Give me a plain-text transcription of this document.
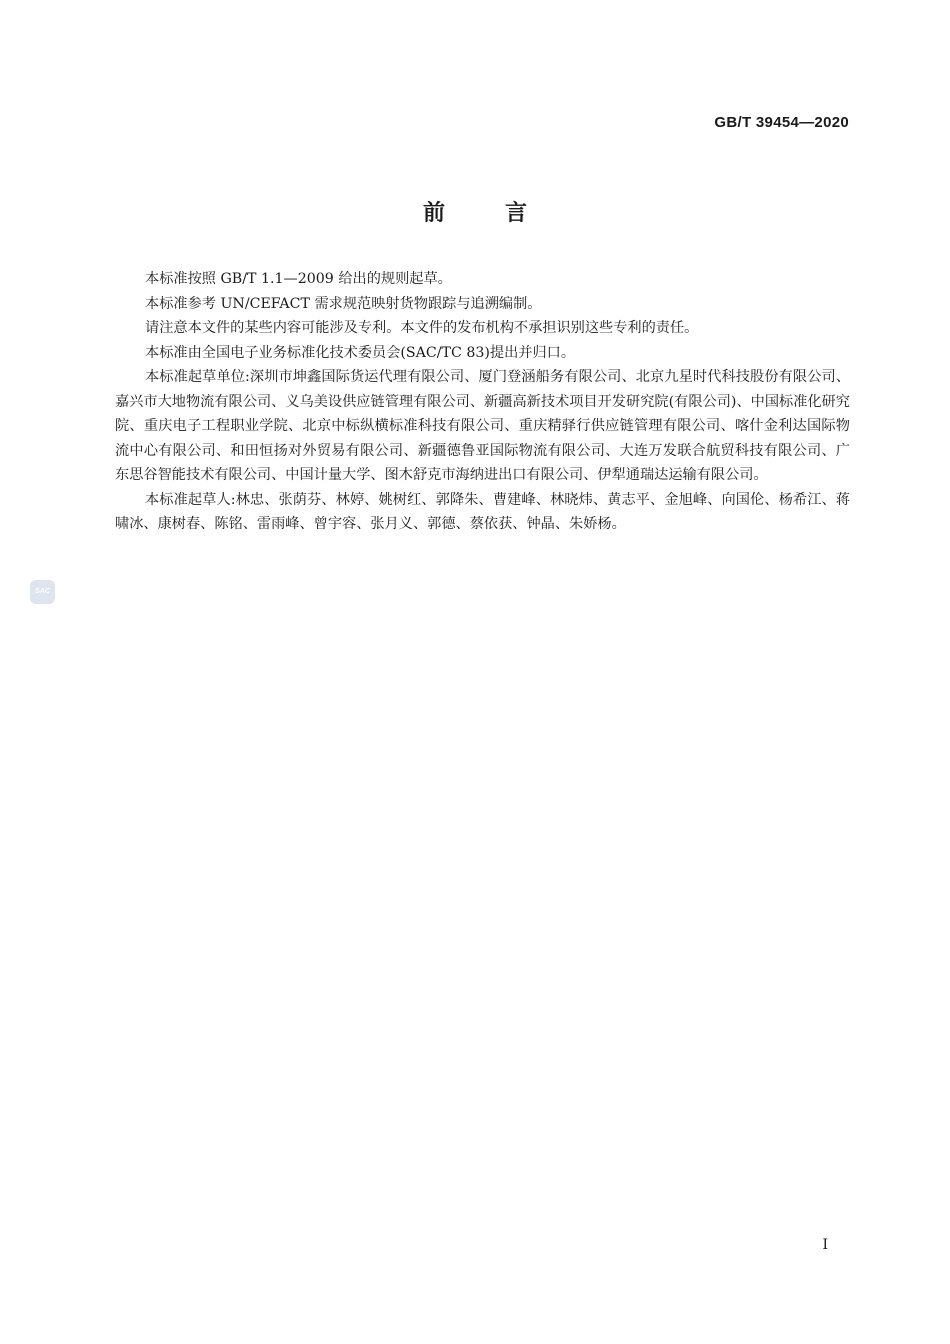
GB/T 39454—2020
前言

本标准按照 GB/T 1.1—2009 给出的规则起草。

本标准参考 UN/CEFACT 需求规范映射货物跟踪与追溯编制。

请注意本文件的某些内容可能涉及专利。本文件的发布机构不承担识别这些专利的责任。

本标准由全国电子业务标准化技术委员会(SAC/TC 83)提出并归口。

本标准起草单位:深圳市坤鑫国际货运代理有限公司、厦门登涵船务有限公司、北京九星时代科技股份有限公司、嘉兴市大地物流有限公司、义乌美设供应链管理有限公司、新疆高新技术项目开发研究院(有限公司)、中国标准化研究院、重庆电子工程职业学院、北京中标纵横标准科技有限公司、重庆精驿行供应链管理有限公司、喀什金利达国际物流中心有限公司、和田恒扬对外贸易有限公司、新疆德鲁亚国际物流有限公司、大连万发联合航贸科技有限公司、广东思谷智能技术有限公司、中国计量大学、图木舒克市海纳进出口有限公司、伊犁通瑞达运输有限公司。

本标准起草人:林忠、张荫芬、林婷、姚树红、郭降朱、曹建峰、林晓炜、黄志平、金旭峰、向国伦、杨希江、蒋啸冰、康树春、陈铭、雷雨峰、曾宇容、张月义、郭德、蔡依获、钟晶、朱娇杨。

SAC
I
